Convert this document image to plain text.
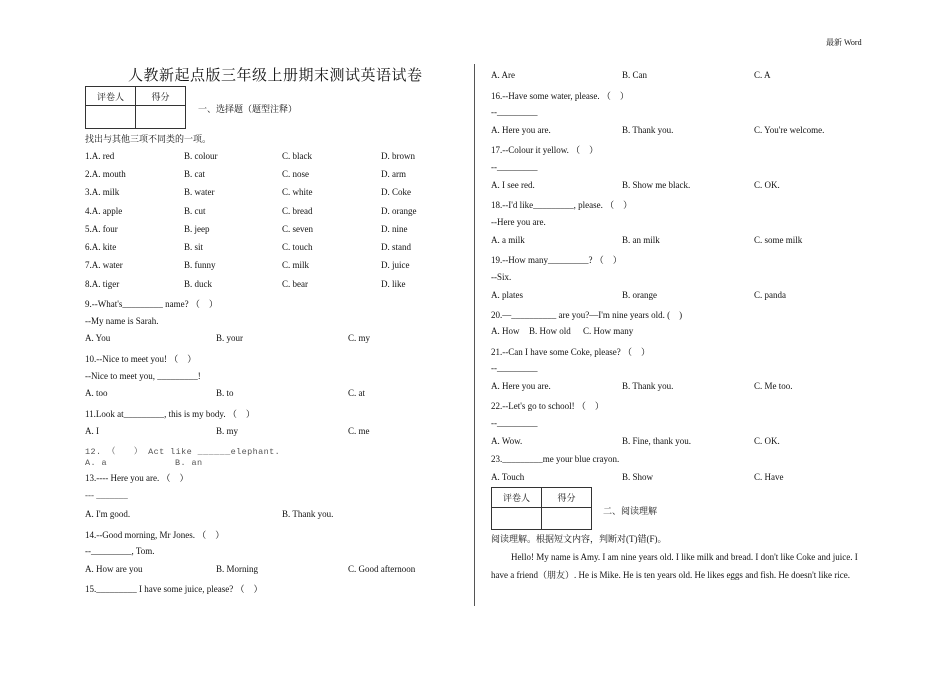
最新 Word
人教新起点版三年级上册期末测试英语试卷
评卷人	得分

一、选择题（题型注释）
找出与其他三项不同类的一项。
1.A. red	B. colour	C. black	D. brown
2.A. mouth	B. cat	C. nose	D. arm
3.A. milk	B. water	C. white	D. Coke
4.A. apple	B. cut	C. bread	D. orange
5.A. four	B. jeep	C. seven	D. nine
6.A. kite	B. sit	C. touch	D. stand
7.A. water	B. funny	C. milk	D. juice
8.A. tiger	B. duck	C. bear	D. like
9.--What's_________ name? （　）
--My name is Sarah.
A. You	B. your	C. my
10.--Nice to meet you! （　）
--Nice to meet you, _________!
A. too	B. to	C. at
11.Look at_________, this is my body. （　）
A. I	B. my	C. me
12. （　　） Act like ______elephant.
A. a	B. an
13.---- Here you are. （　）
--- _______
A. I'm good.	B. Thank you.
14.--Good morning, Mr Jones. （　）
--_________, Tom.
A. How are you	B. Morning	C. Good afternoon
15._________ I have some juice, please? （　）
A. Are	B. Can	C. A
16.--Have some water, please. （　）
--_________
A. Here you are.	B. Thank you.	C. You're welcome.
17.--Colour it yellow. （　）
--_________
A. I see red.	B. Show me black.	C. OK.
18.--I'd like_________, please. （　）
--Here you are.
A. a milk	B. an milk	C. some milk
19.--How many_________? （　）
--Six.
A. plates	B. orange	C. panda
20.—__________ are you?—I'm nine years old. (　)
A. How B. How old C. How many
21.--Can I have some Coke, please? （　）
--_________
A. Here you are.	B. Thank you.	C. Me too.
22.--Let's go to school! （　）
--_________
A. Wow.	B. Fine, thank you.	C. OK.
23._________me your blue crayon.
A. Touch	B. Show	C. Have
评卷人	得分

二、阅读理解
阅读理解。根据短文内容，判断对(T)错(F)。

Hello! My name is Amy. I am nine years old. I like milk and bread. I don't like Coke and juice. I have a friend（朋友）. He is Mike. He is ten years old. He likes eggs and fish. He doesn't like rice.
